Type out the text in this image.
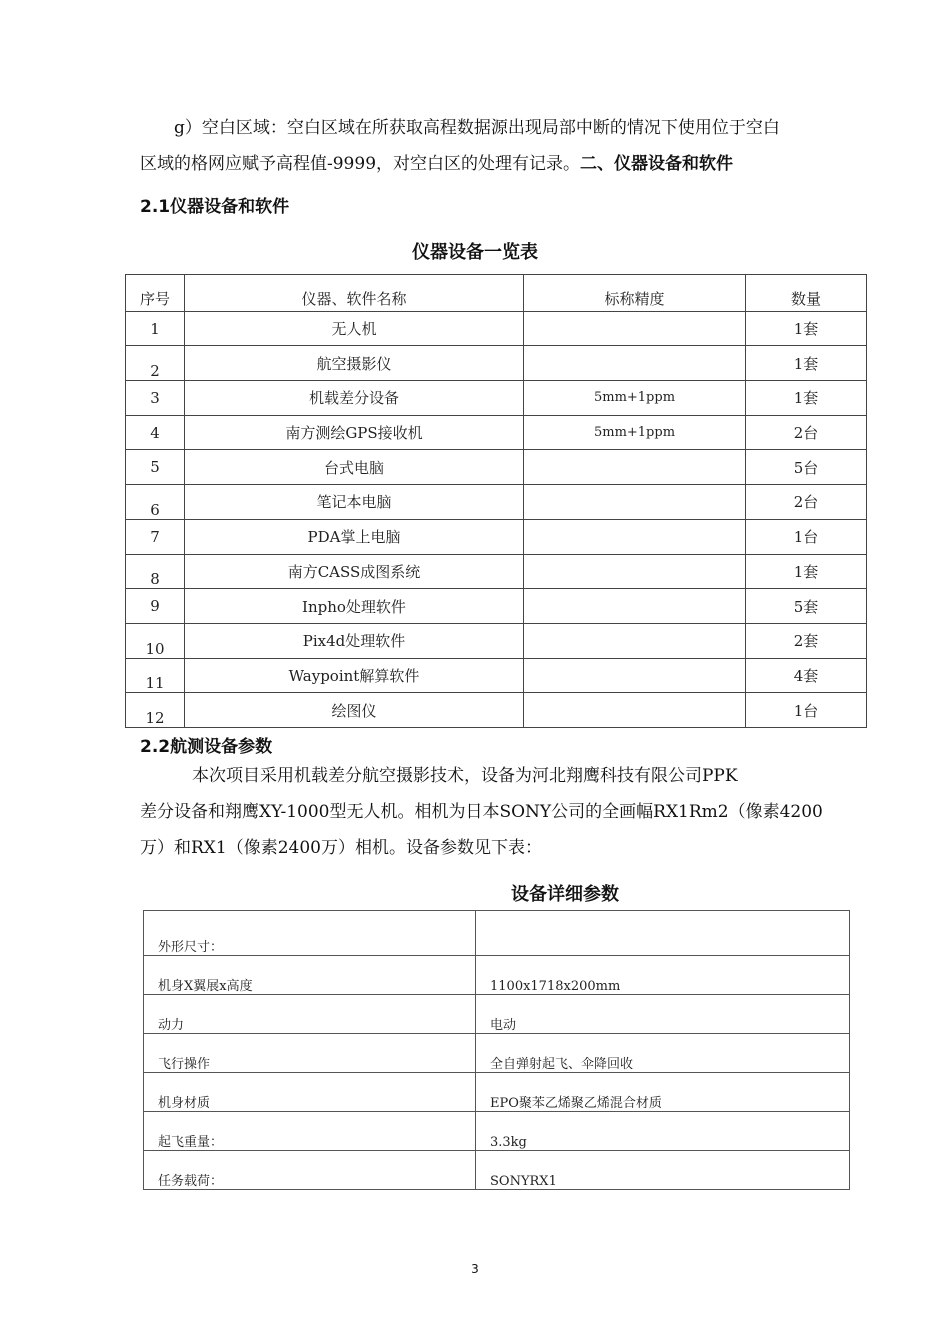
g）空白区域：空白区域在所获取高程数据源出现局部中断的情况下使用位于空白
区域的格网应赋予高程值-9999，对空白区的处理有记录。二、仪器设备和软件
2.1仪器设备和软件
仪器设备一览表
序号	仪器、软件名称	标称精度	数量
1	无人机		1套
2	航空摄影仪		1套
3	机载差分设备	5mm+1ppm	1套
4	南方测绘GPS接收机	5mm+1ppm	2台
5	台式电脑		5台
6	笔记本电脑		2台
7	PDA掌上电脑		1台
8	南方CASS成图系统		1套
9	Inpho处理软件		5套
10	Pix4d处理软件		2套
11	Waypoint解算软件		4套
12	绘图仪		1台
2.2航测设备参数
本次项目采用机载差分航空摄影技术，设备为河北翔鹰科技有限公司PPK
差分设备和翔鹰XY-1000型无人机。相机为日本SONY公司的全画幅RX1Rm2（像素4200
万）和RX1（像素2400万）相机。设备参数见下表：
设备详细参数
外形尺寸：	
机身X翼展x高度	1100x1718x200mm
动力	电动
飞行操作	全自弹射起飞、伞降回收
机身材质	EPO聚苯乙烯聚乙烯混合材质
起飞重量：	3.3kg
任务载荷：	SONYRX1
3
